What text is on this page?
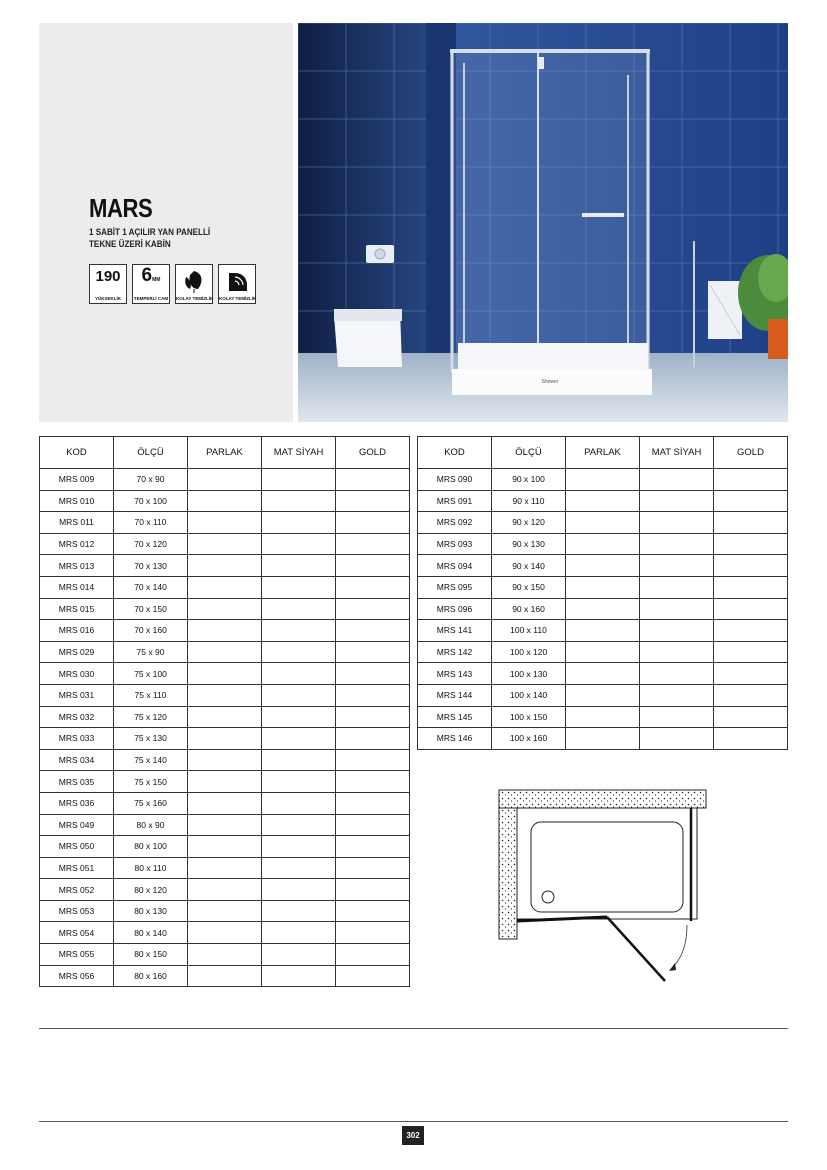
MARS
1 SABİT 1 AÇILIR YAN PANELLİ
TEKNE ÜZERİ KABİN
190
YÜKSEKLİK
6MM
TEMPERLİ CAM KOLAY TEMİZLİK KOLAY TEMİZLİK
Shower
KOD	ÖLÇÜ	PARLAK	MAT SİYAH	GOLD
MRS 009	70 x 90			
MRS 010	70 x 100			
MRS 011	70 x 110			
MRS 012	70 x 120			
MRS 013	70 x 130			
MRS 014	70 x 140			
MRS 015	70 x 150			
MRS 016	70 x 160			
MRS 029	75 x 90			
MRS 030	75 x 100			
MRS 031	75 x 110			
MRS 032	75 x 120			
MRS 033	75 x 130			
MRS 034	75 x 140			
MRS 035	75 x 150			
MRS 036	75 x 160			
MRS 049	80 x 90			
MRS 050	80 x 100			
MRS 051	80 x 110			
MRS 052	80 x 120			
MRS 053	80 x 130			
MRS 054	80 x 140			
MRS 055	80 x 150			
MRS 056	80 x 160			
KOD	ÖLÇÜ	PARLAK	MAT SİYAH	GOLD
MRS 090	90 x 100			
MRS 091	90 x 110			
MRS 092	90 x 120			
MRS 093	90 x 130			
MRS 094	90 x 140			
MRS 095	90 x 150			
MRS 096	90 x 160			
MRS 141	100 x 110			
MRS 142	100 x 120			
MRS 143	100 x 130			
MRS 144	100 x 140			
MRS 145	100 x 150			
MRS 146	100 x 160			
302
